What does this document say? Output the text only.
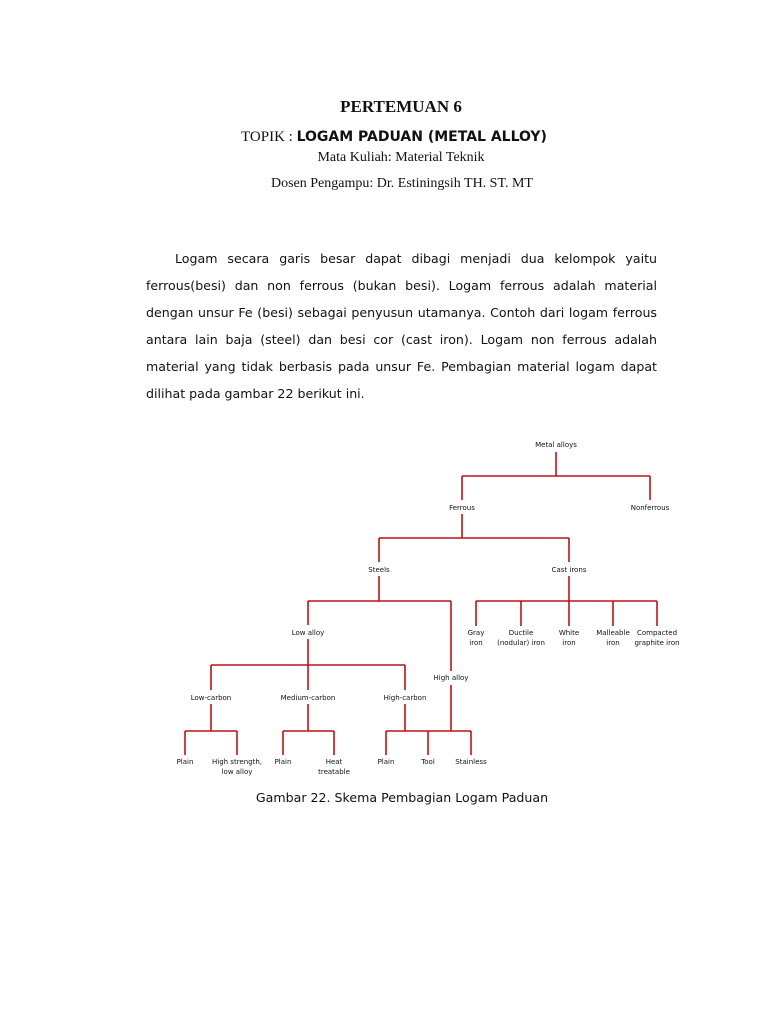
PERTEMUAN 6
TOPIK : LOGAM PADUAN (METAL ALLOY)
Mata Kuliah: Material Teknik
Dosen Pengampu: Dr. Estiningsih TH. ST. MT

Logam secara garis besar dapat dibagi menjadi dua kelompok yaitu ferrous(besi) dan non ferrous (bukan besi). Logam ferrous adalah material dengan unsur Fe (besi) sebagai penyusun utamanya. Contoh dari logam ferrous antara lain baja (steel) dan besi cor (cast iron). Logam non ferrous adalah material yang tidak berbasis pada unsur Fe. Pembagian material logam dapat dilihat pada gambar 22 berikut ini.

Metal alloys
Ferrous	Nonferrous
Steels	Cast irons
Low alloy
High alloy
Gray
iron
Ductile
(nodular) iron
White
iron
Malleable
iron
Compacted
graphite iron
Low-carbon	Medium-carbon	High-carbon
Plain	High strength,
low alloy
Plain	Heat
treatable
Plain	Tool	Stainless
Gambar 22. Skema Pembagian Logam Paduan
